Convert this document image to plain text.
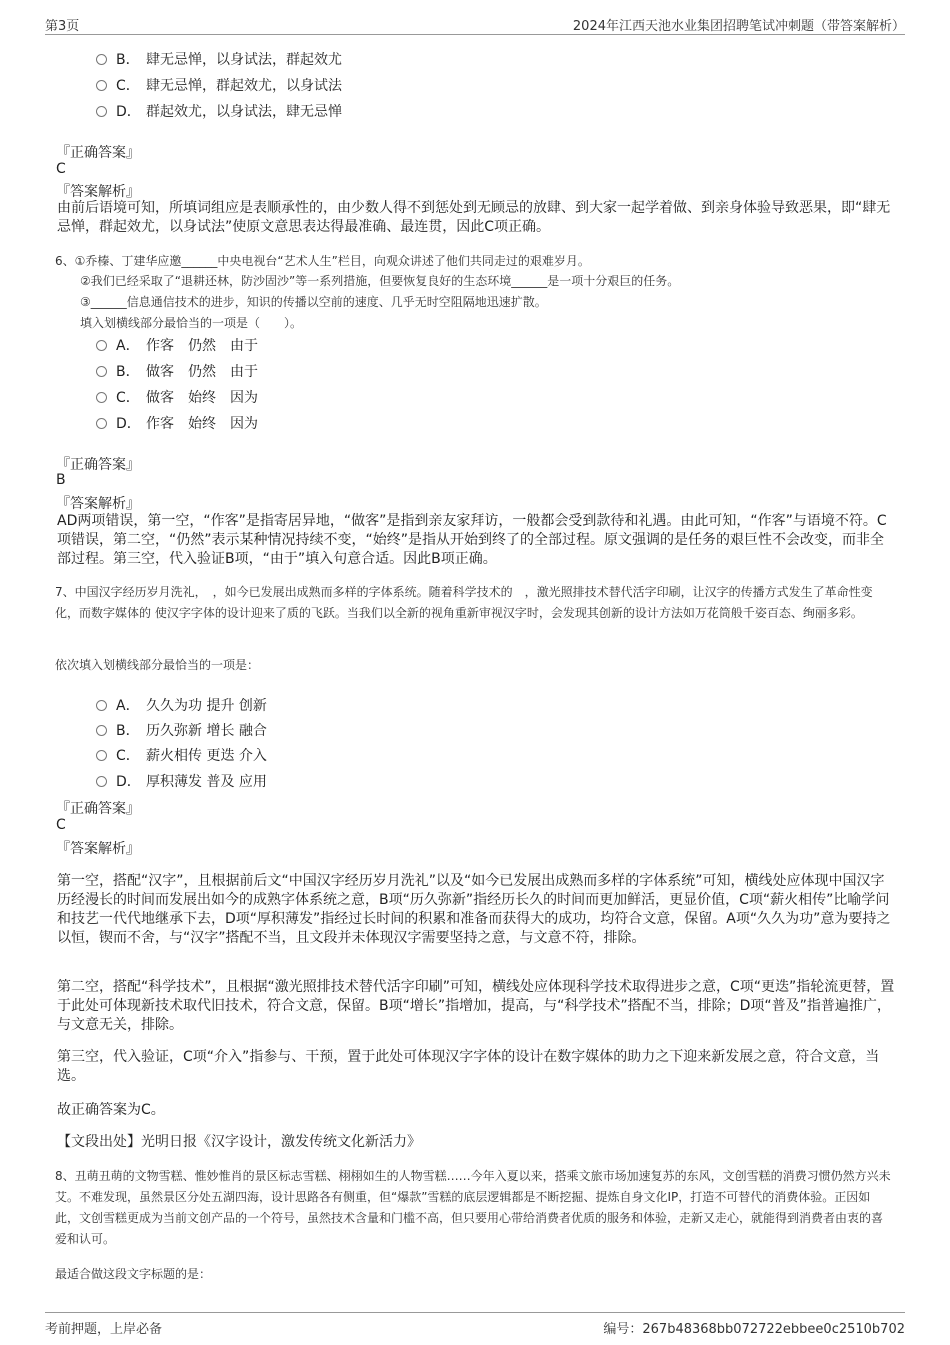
第3页	2024年江西天池水业集团招聘笔试冲刺题（带答案解析）
B． 肆无忌惮，以身试法，群起效尤
C． 肆无忌惮，群起效尤，以身试法
D． 群起效尤，以身试法，肆无忌惮
『正确答案』
C
『答案解析』
由前后语境可知，所填词组应是表顺承性的，由少数人得不到惩处到无顾忌的放肆、到大家一起学着做、到亲身体验导致恶果，即“肆无忌惮，群起效尤，以身试法”使原文意思表达得最准确、最连贯，因此C项正确。
6、①乔榛、丁建华应邀______中央电视台“艺术人生”栏目，向观众讲述了他们共同走过的艰难岁月。
②我们已经采取了“退耕还林，防沙固沙”等一系列措施，但要恢复良好的生态环境______是一项十分艰巨的任务。
③______信息通信技术的进步，知识的传播以空前的速度、几乎无时空阻隔地迅速扩散。
填入划横线部分最恰当的一项是（　　）。
A． 作客　仍然　由于
B． 做客　仍然　由于
C． 做客　始终　因为
D． 作客　始终　因为
『正确答案』
B
『答案解析』
AD两项错误，第一空，“作客”是指寄居异地，“做客”是指到亲友家拜访，一般都会受到款待和礼遇。由此可知，“作客”与语境不符。C项错误，第二空，“仍然”表示某种情况持续不变，“始终”是指从开始到终了的全部过程。原文强调的是任务的艰巨性不会改变，而非全部过程。第三空，代入验证B项，“由于”填入句意合适。因此B项正确。
7、中国汉字经历岁月洗礼，　，如今已发展出成熟而多样的字体系统。随着科学技术的　，激光照排技术替代活字印刷，让汉字的传播方式发生了革命性变化，而数字媒体的 使汉字字体的设计迎来了质的飞跃。当我们以全新的视角重新审视汉字时，会发现其创新的设计方法如万花筒般千姿百态、绚丽多彩。
依次填入划横线部分最恰当的一项是：
A． 久久为功 提升 创新
B． 历久弥新 增长 融合
C． 薪火相传 更迭 介入
D． 厚积薄发 普及 应用
『正确答案』
C
『答案解析』
第一空，搭配“汉字”，且根据前后文“中国汉字经历岁月洗礼”以及“如今已发展出成熟而多样的字体系统”可知，横线处应体现中国汉字历经漫长的时间而发展出如今的成熟字体系统之意，B项“历久弥新”指经历长久的时间而更加鲜活，更显价值，C项“薪火相传”比喻学问和技艺一代代地继承下去，D项“厚积薄发”指经过长时间的积累和准备而获得大的成功，均符合文意，保留。A项“久久为功”意为要持之以恒，锲而不舍，与“汉字”搭配不当，且文段并未体现汉字需要坚持之意，与文意不符，排除。
第二空，搭配“科学技术”，且根据“激光照排技术替代活字印刷”可知，横线处应体现科学技术取得进步之意，C项“更迭”指轮流更替，置于此处可体现新技术取代旧技术，符合文意，保留。B项“增长”指增加，提高，与“科学技术”搭配不当，排除；D项“普及”指普遍推广，与文意无关，排除。
第三空，代入验证，C项“介入”指参与、干预，置于此处可体现汉字字体的设计在数字媒体的助力之下迎来新发展之意，符合文意，当选。
故正确答案为C。
【文段出处】光明日报《汉字设计，激发传统文化新活力》
8、丑萌丑萌的文物雪糕、惟妙惟肖的景区标志雪糕、栩栩如生的人物雪糕……今年入夏以来，搭乘文旅市场加速复苏的东风，文创雪糕的消费习惯仍然方兴未艾。不难发现，虽然景区分处五湖四海，设计思路各有侧重，但“爆款”雪糕的底层逻辑都是不断挖掘、提炼自身文化IP，打造不可替代的消费体验。正因如此，文创雪糕更成为当前文创产品的一个符号，虽然技术含量和门槛不高，但只要用心带给消费者优质的服务和体验，走新又走心，就能得到消费者由衷的喜爱和认可。
最适合做这段文字标题的是：
考前押题，上岸必备	编号：267b48368bb072722ebbee0c2510b702
